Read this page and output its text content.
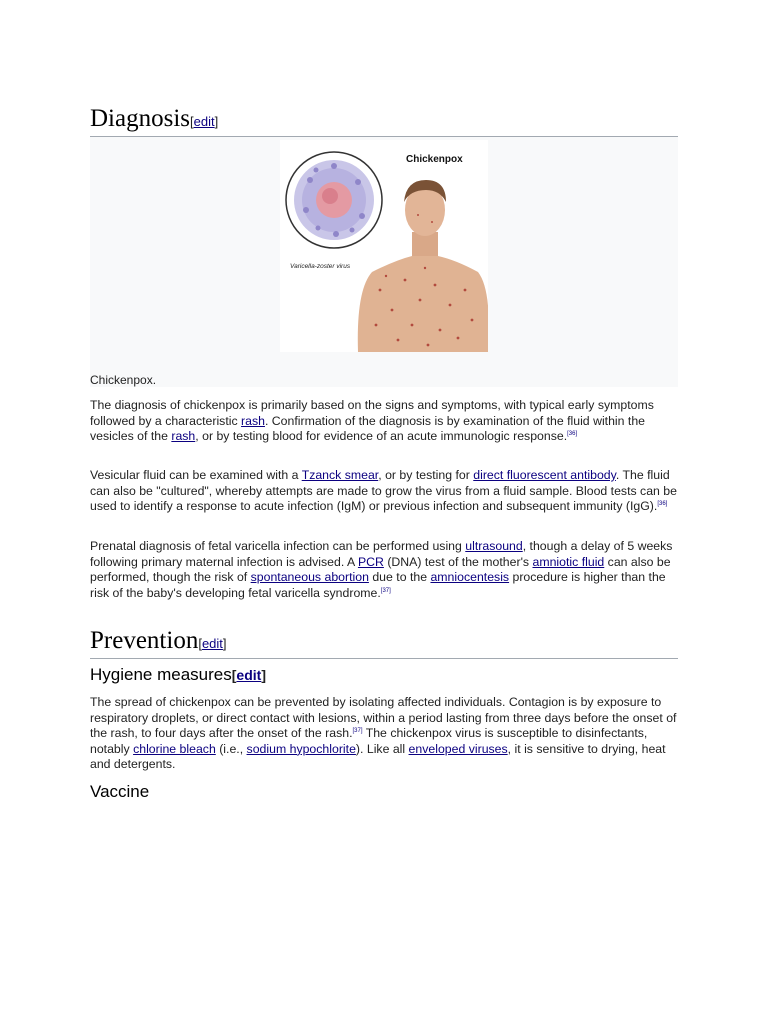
Diagnosis[edit]
Varicella-zoster virus
Chickenpox
Chickenpox.

The diagnosis of chickenpox is primarily based on the signs and symptoms, with typical early symptoms followed by a characteristic rash. Confirmation of the diagnosis is by examination of the fluid within the vesicles of the rash, or by testing blood for evidence of an acute immunologic response.[36]

Vesicular fluid can be examined with a Tzanck smear, or by testing for direct fluorescent antibody. The fluid can also be "cultured", whereby attempts are made to grow the virus from a fluid sample. Blood tests can be used to identify a response to acute infection (IgM) or previous infection and subsequent immunity (IgG).[36]

Prenatal diagnosis of fetal varicella infection can be performed using ultrasound, though a delay of 5 weeks following primary maternal infection is advised. A PCR (DNA) test of the mother's amniotic fluid can also be performed, though the risk of spontaneous abortion due to the amniocentesis procedure is higher than the risk of the baby's developing fetal varicella syndrome.[37]

Prevention[edit]
Hygiene measures[edit]

The spread of chickenpox can be prevented by isolating affected individuals. Contagion is by exposure to respiratory droplets, or direct contact with lesions, within a period lasting from three days before the onset of the rash, to four days after the onset of the rash.[37] The chickenpox virus is susceptible to disinfectants, notably chlorine bleach (i.e., sodium hypochlorite). Like all enveloped viruses, it is sensitive to drying, heat and detergents.

Vaccine
